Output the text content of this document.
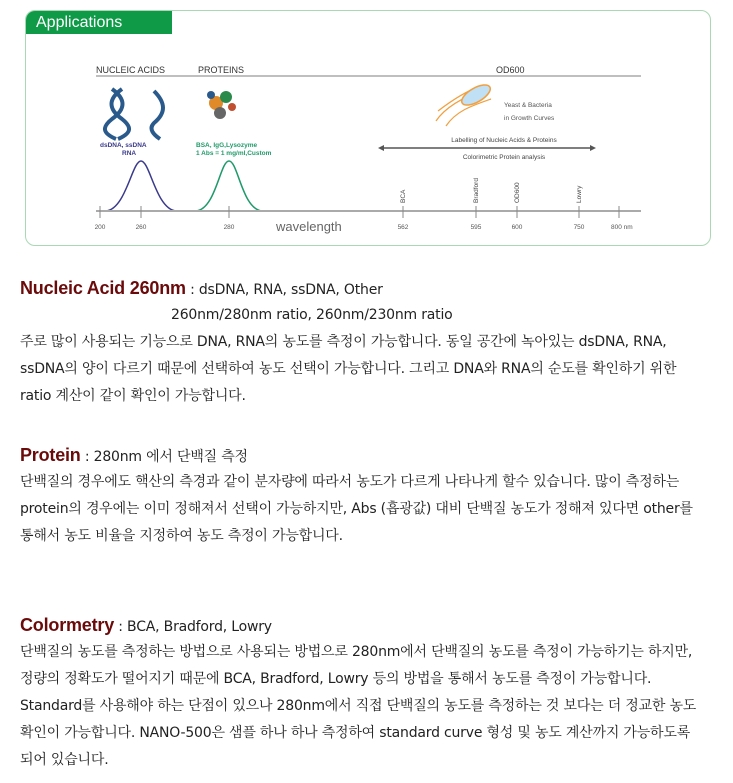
NUCLEIC ACIDS	PROTEINS	OD600
dsDNA, ssDNA
RNA
BSA, IgG,Lysozyme
1 Abs = 1 mg/ml,Custom
Yeast & Bacteria
in Growth Curves
Labelling of Nucleic Acids & Proteins
Colorimetric Protein analysis
200	260	280	562	595	600	750	800 nm
BCA	Bradford	OD600	Lowry
wavelength
Applications
Nucleic Acid 260nm : dsDNA, RNA, ssDNA, Other
260nm/280nm ratio, 260nm/230nm ratio
주로 많이 사용되는 기능으로 DNA, RNA의 농도를 측정이 가능합니다. 동일 공간에 녹아있는 dsDNA, RNA,
ssDNA의 양이 다르기 때문에 선택하여 농도 선택이 가능합니다. 그리고 DNA와 RNA의 순도를 확인하기 위한
ratio 계산이 같이 확인이 가능합니다.
Protein : 280nm 에서 단백질 측정
단백질의 경우에도 핵산의 측경과 같이 분자량에 따라서 농도가 다르게 나타나게 할수 있습니다. 많이 측정하는
protein의 경우에는 이미 정해져서 선택이 가능하지만, Abs (흡광값) 대비 단백질 농도가 정해져 있다면 other를
통해서 농도 비율을 지정하여 농도 측정이 가능합니다.
Colormetry : BCA, Bradford, Lowry
단백질의 농도를 측정하는 방법으로 사용되는 방법으로 280nm에서 단백질의 농도를 측정이 가능하기는 하지만,
정량의 정확도가 떨어지기 때문에 BCA, Bradford, Lowry 등의 방법을 통해서 농도를 측정이 가능합니다.
Standard를 사용해야 하는 단점이 있으나 280nm에서 직접 단백질의 농도를 측정하는 것 보다는 더 정교한 농도
확인이 가능합니다. NANO-500은 샘플 하나 하나 측정하여 standard curve 형성 및 농도 계산까지 가능하도록
되어 있습니다.
